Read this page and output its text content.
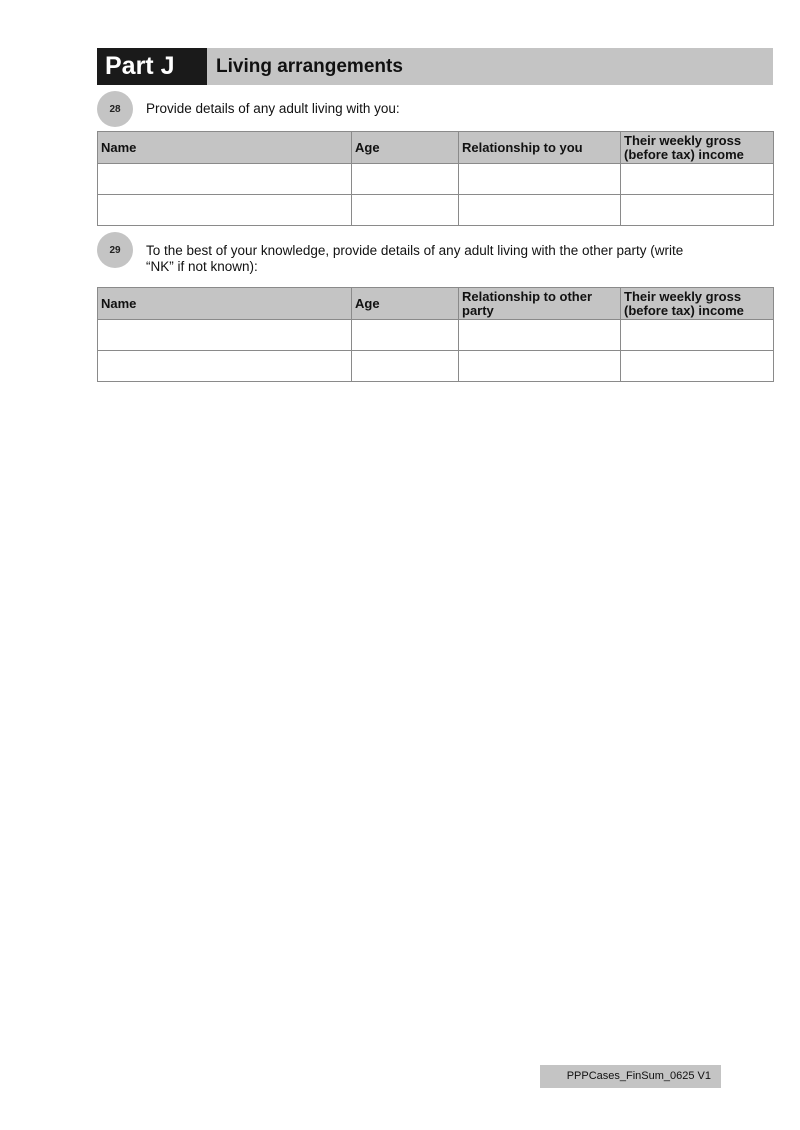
Part J	Living arrangements
28	Provide details of any adult living with you:
Name	Age	Relationship to you	Their weekly gross (before tax) income

29	To the best of your knowledge, provide details of any adult living with the other party (write
“NK” if not known):
Name	Age	Relationship to other party	Their weekly gross (before tax) income

PPPCases_FinSum_0625 V1
